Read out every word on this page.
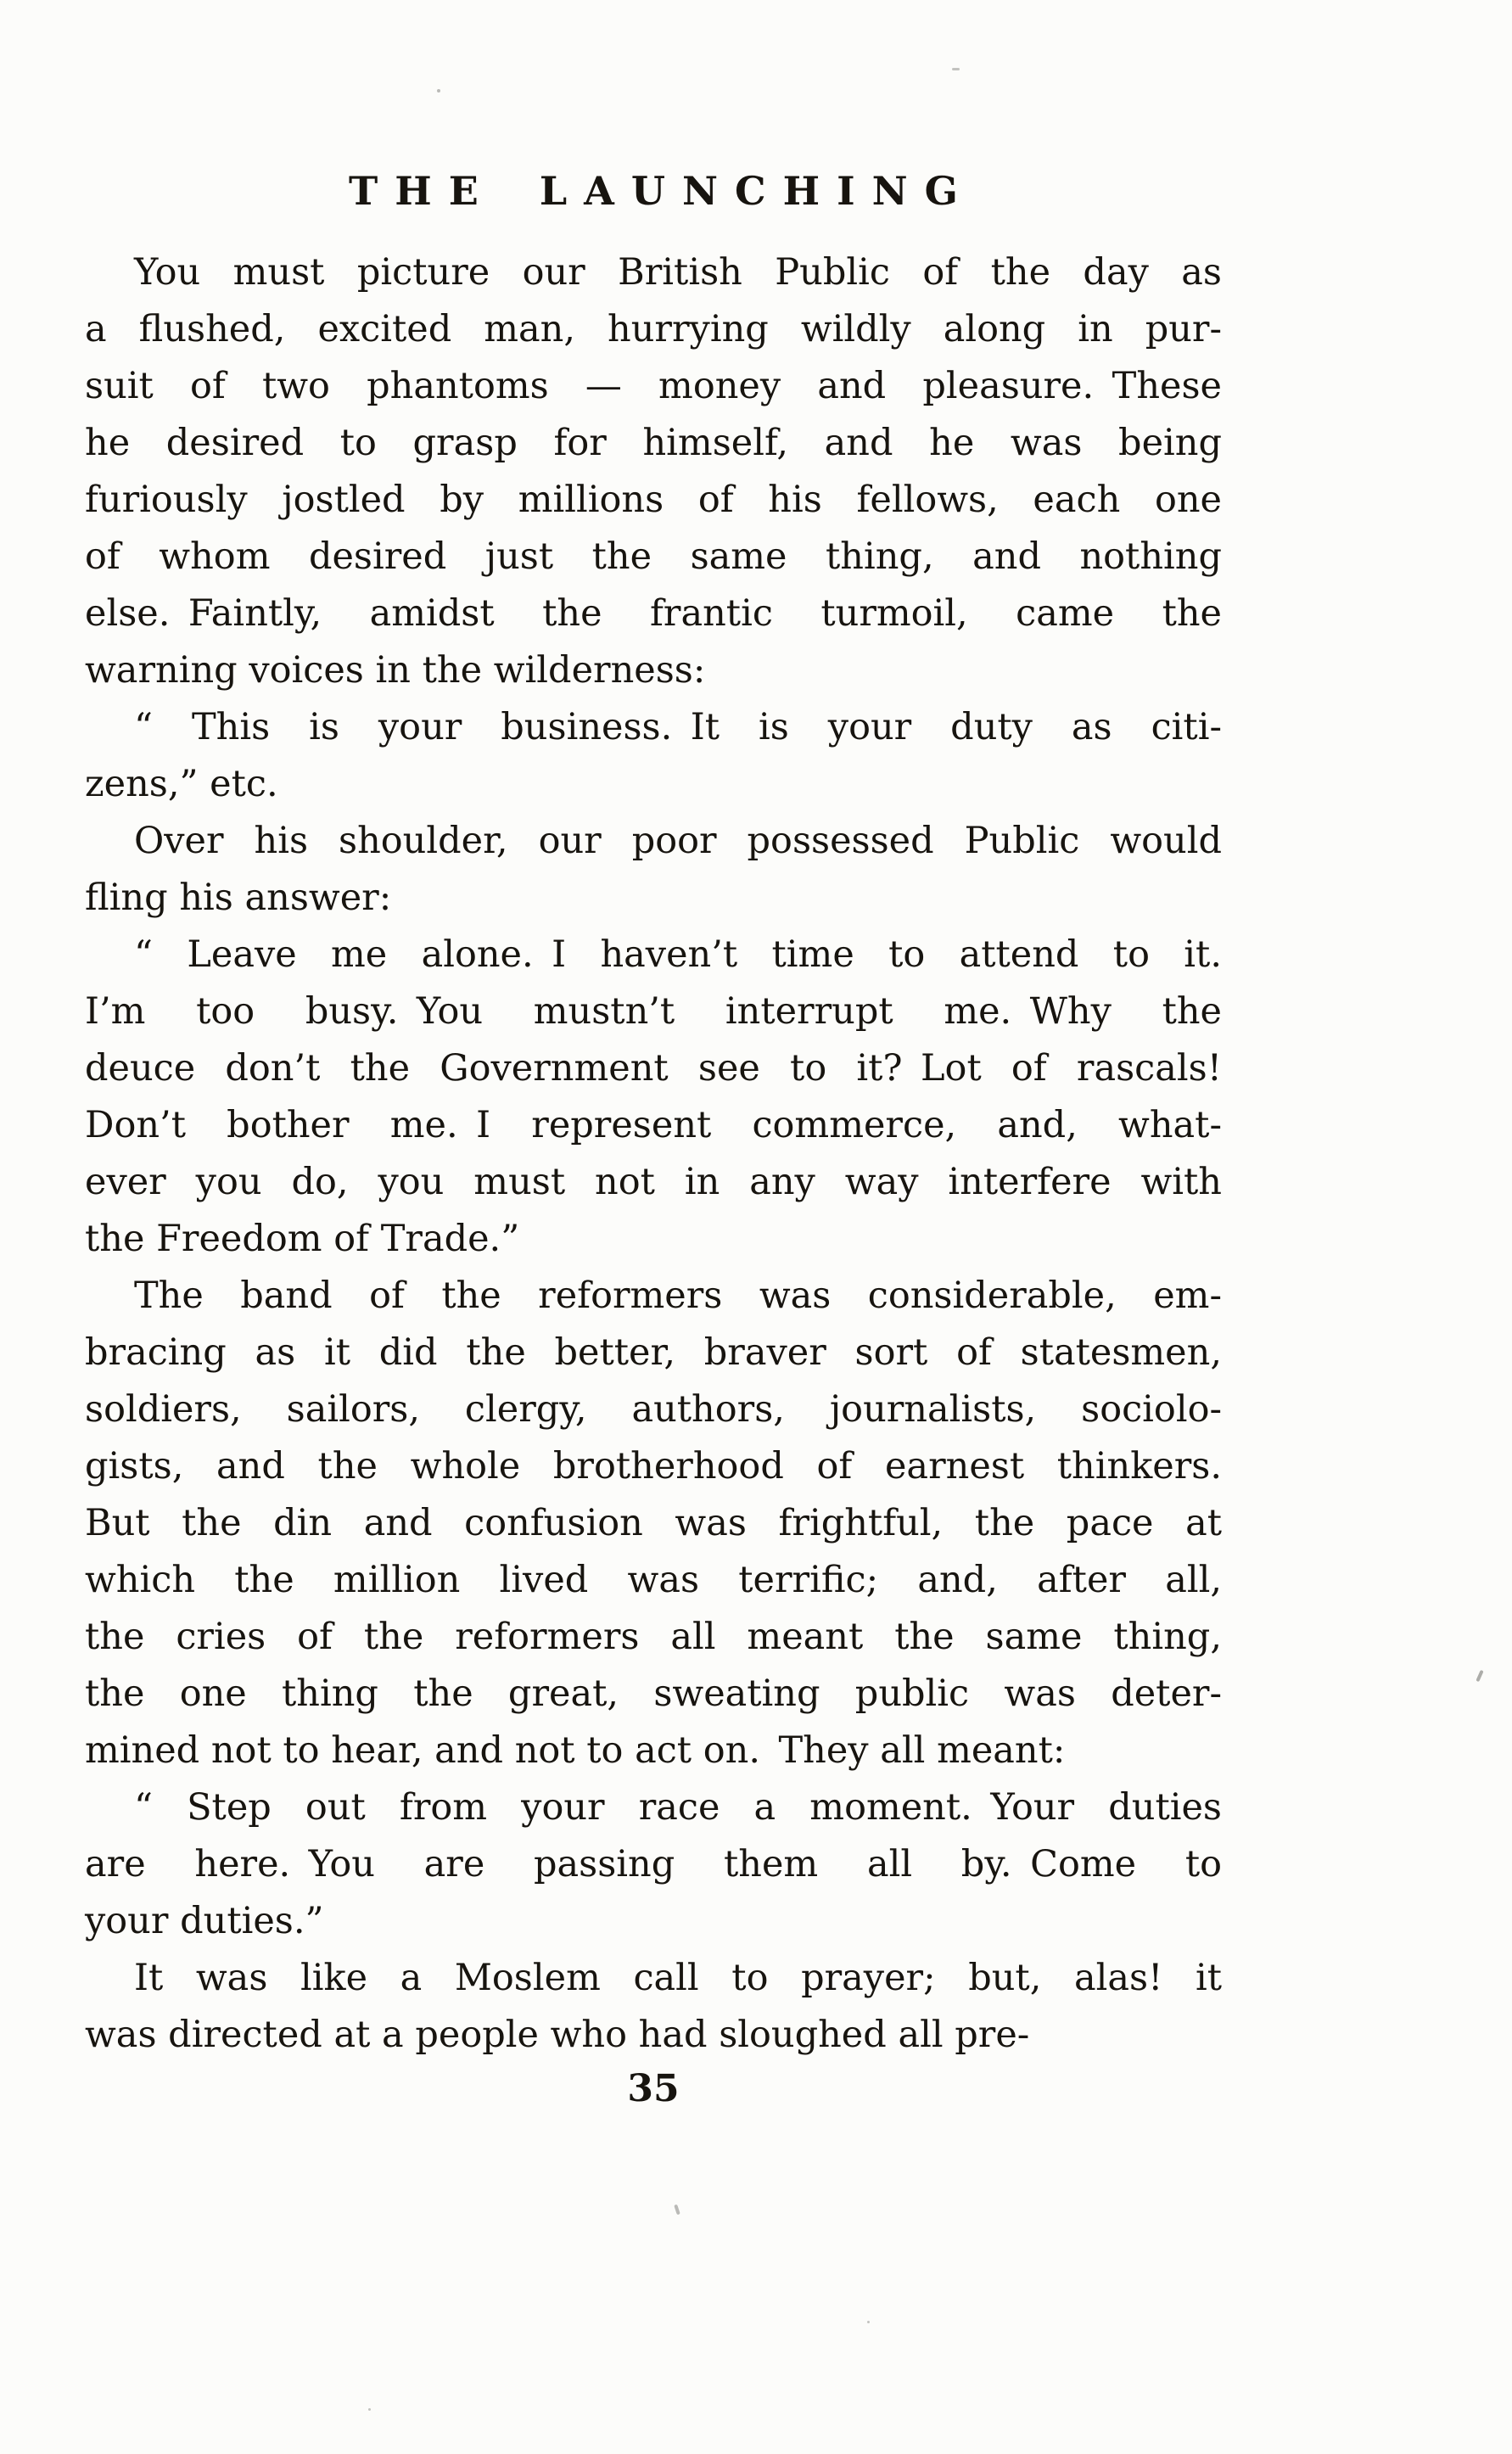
THE LAUNCHING
You must picture our British Public of the day as
a flushed, excited man, hurrying wildly along in pur-
suit of two phantoms — money and pleasure. These
he desired to grasp for himself, and he was being
furiously jostled by millions of his fellows, each one
of whom desired just the same thing, and nothing
else. Faintly, amidst the frantic turmoil, came the
warning voices in the wilderness:
“ This is your business. It is your duty as citi-
zens,” etc.
Over his shoulder, our poor possessed Public would
fling his answer:
“ Leave me alone. I haven’t time to attend to it.
I’m too busy. You mustn’t interrupt me. Why the
deuce don’t the Government see to it? Lot of rascals!
Don’t bother me. I represent commerce, and, what-
ever you do, you must not in any way interfere with
the Freedom of Trade.”
The band of the reformers was considerable, em-
bracing as it did the better, braver sort of statesmen,
soldiers, sailors, clergy, authors, journalists, sociolo-
gists, and the whole brotherhood of earnest thinkers.
But the din and confusion was frightful, the pace at
which the million lived was terrific; and, after all,
the cries of the reformers all meant the same thing,
the one thing the great, sweating public was deter-
mined not to hear, and not to act on. They all meant:
“ Step out from your race a moment. Your duties
are here. You are passing them all by. Come to
your duties.”
It was like a Moslem call to prayer; but, alas! it
was directed at a people who had sloughed all pre-
35
